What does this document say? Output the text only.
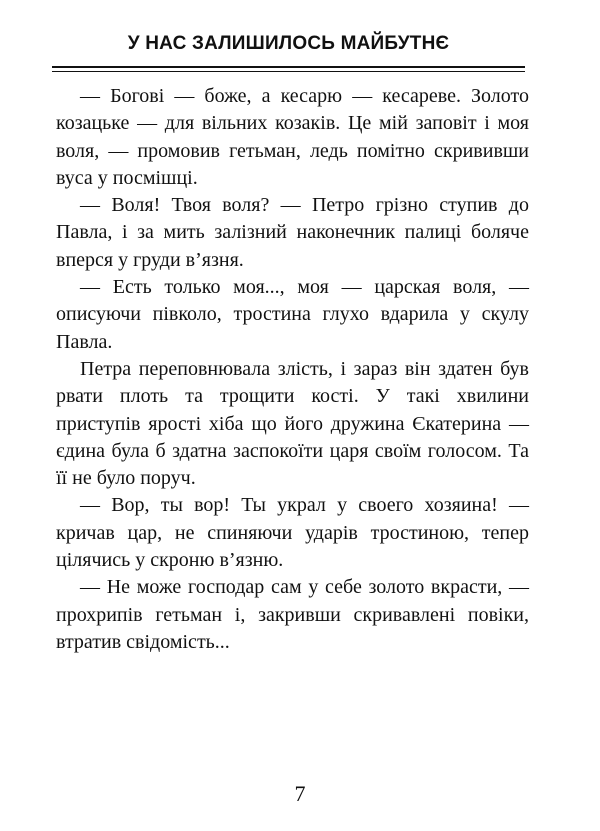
У НАС ЗАЛИШИЛОСЬ МАЙБУТНЄ

— Богові — боже, а кесарю — кесареве. Золото козацьке — для вільних козаків. Це мій заповіт і моя воля, — промовив гетьман, ледь помітно скрививши вуса у посмішці.

— Воля! Твоя воля? — Петро грізно ступив до Павла, і за мить залізний наконечник палиці боляче вперся у груди в’язня.

— Есть только моя..., моя — царская воля, — описуючи півколо, тростина глухо вдарила у скулу Павла.

Петра переповнювала злість, і зараз він здатен був рвати плоть та трощити кості. У такі хвилини приступів ярості хіба що його дружина Єкатерина — єдина була б здатна заспокоїти царя своїм голосом. Та її не було поруч.

— Вор, ты вор! Ты украл у своего хозяина! — кричав цар, не спиняючи ударів тростиною, тепер цілячись у скроню в’язню.

— Не може господар сам у себе золото вкрасти, — прохрипів гетьман і, закривши скривавлені повіки, втратив свідомість...

7
